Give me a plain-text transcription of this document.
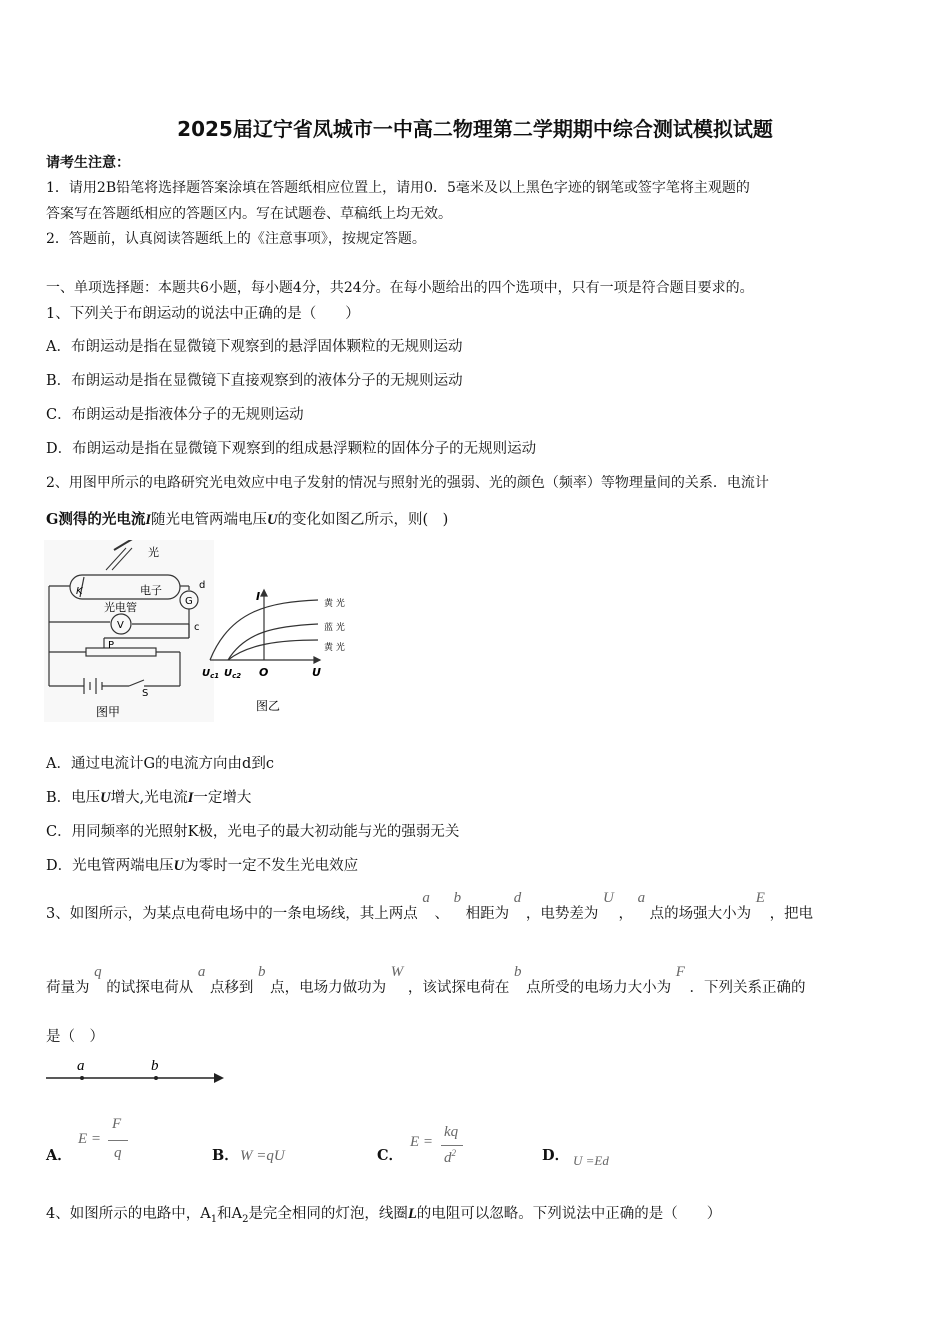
2025届辽宁省凤城市一中高二物理第二学期期中综合测试模拟试题
请考生注意：
1．请用2B铅笔将选择题答案涂填在答题纸相应位置上，请用0．5毫米及以上黑色字迹的钢笔或签字笔将主观题的
答案写在答题纸相应的答题区内。写在试题卷、草稿纸上均无效。
2．答题前，认真阅读答题纸上的《注意事项》，按规定答题。
一、单项选择题：本题共6小题，每小题4分，共24分。在每小题给出的四个选项中，只有一项是符合题目要求的。
1、下列关于布朗运动的说法中正确的是（　　）
A．布朗运动是指在显微镜下观察到的悬浮固体颗粒的无规则运动
B．布朗运动是指在显微镜下直接观察到的液体分子的无规则运动
C．布朗运动是指液体分子的无规则运动
D．布朗运动是指在显微镜下观察到的组成悬浮颗粒的固体分子的无规则运动
2、用图甲所示的电路研究光电效应中电子发射的情况与照射光的强弱、光的颜色（频率）等物理量间的关系．电流计
G测得的光电流I随光电管两端电压U的变化如图乙所示，则(　)
光
电子
光电管
K
d
c
G
V
P
S
图甲
I
U
O
$U_{c1}$ $U_{c2}$
黄 光
蓝 光
黄 光
图乙
A．通过电流计G的电流方向由d到c
B．电压U增大,光电流I一定增大
C．用同频率的光照射K极，光电子的最大初动能与光的强弱无关
D．光电管两端电压U为零时一定不发生光电效应
3、如图所示，为某点电荷电场中的一条电场线，其上两点 a 、 b 相距为 d ，电势差为 U ， a 点的场强大小为 E ，把电
荷量为 q 的试探电荷从 a 点移到 b 点，电场力做功为 W ，该试探电荷在 b 点所受的电场力大小为 F ．下列关系正确的
是（　）
a	b
A．
E =
F
q	B． W =qU	C．
E =
kq
$d^2$	D． U =Ed
4、如图所示的电路中，$A_1$和$A_2$是完全相同的灯泡，线圈L的电阻可以忽略。下列说法中正确的是（　　）
